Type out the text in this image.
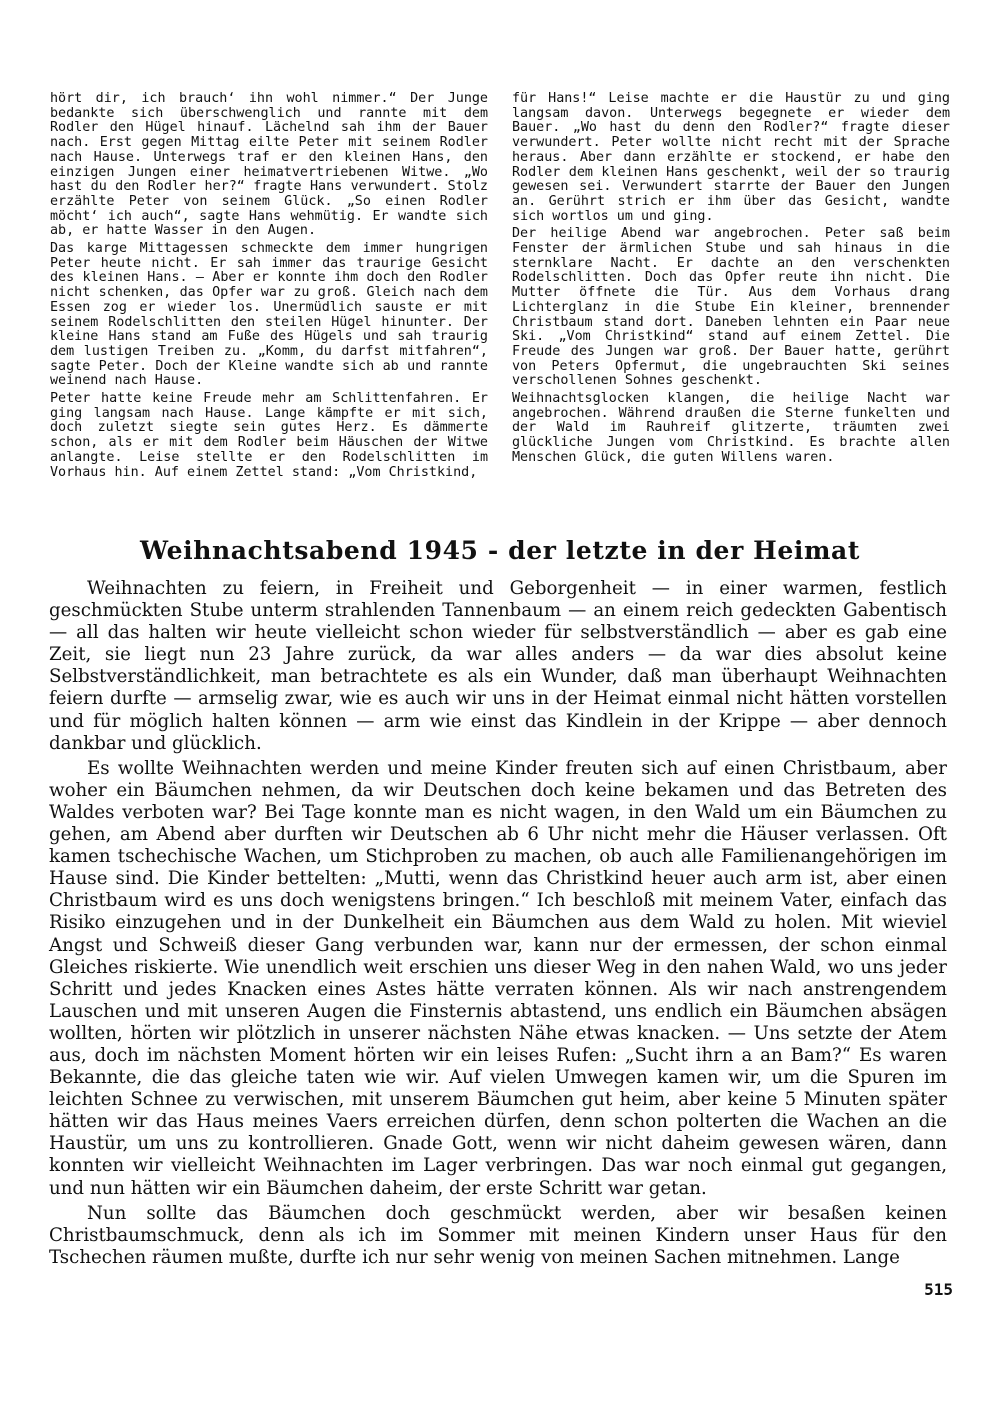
hört dir, ich brauch‘ ihn wohl nimmer.“ Der Junge bedankte sich überschwenglich und rannte mit dem Rodler den Hügel hinauf. Lächelnd sah ihm der Bauer nach. Erst gegen Mittag eilte Peter mit seinem Rodler nach Hause. Unterwegs traf er den kleinen Hans, den einzigen Jungen einer heimatvertriebenen Witwe. „Wo hast du den Rodler her?“ fragte Hans verwundert. Stolz erzählte Peter von seinem Glück. „So einen Rodler möcht‘ ich auch“, sagte Hans wehmütig. Er wandte sich ab, er hatte Wasser in den Augen.

Das karge Mittagessen schmeckte dem immer hungrigen Peter heute nicht. Er sah immer das traurige Gesicht des kleinen Hans. — Aber er konnte ihm doch den Rodler nicht schenken, das Opfer war zu groß. Gleich nach dem Essen zog er wieder los. Unermüdlich sauste er mit seinem Rodelschlitten den steilen Hügel hinunter. Der kleine Hans stand am Fuße des Hügels und sah traurig dem lustigen Treiben zu. „Komm, du darfst mitfahren“, sagte Peter. Doch der Kleine wandte sich ab und rannte weinend nach Hause.

Peter hatte keine Freude mehr am Schlittenfahren. Er ging langsam nach Hause. Lange kämpfte er mit sich, doch zuletzt siegte sein gutes Herz. Es dämmerte schon, als er mit dem Rodler beim Häuschen der Witwe anlangte. Leise stellte er den Rodelschlitten im Vorhaus hin. Auf einem Zettel stand: „Vom Christkind,

für Hans!“ Leise machte er die Haustür zu und ging langsam davon. Unterwegs begegnete er wieder dem Bauer. „Wo hast du denn den Rodler?“ fragte dieser verwundert. Peter wollte nicht recht mit der Sprache heraus. Aber dann erzählte er stockend, er habe den Rodler dem kleinen Hans geschenkt, weil der so traurig gewesen sei. Verwundert starrte der Bauer den Jungen an. Gerührt strich er ihm über das Gesicht, wandte sich wortlos um und ging.

Der heilige Abend war angebrochen. Peter saß beim Fenster der ärmlichen Stube und sah hinaus in die sternklare Nacht. Er dachte an den verschenkten Rodelschlitten. Doch das Opfer reute ihn nicht. Die Mutter öffnete die Tür. Aus dem Vorhaus drang Lichterglanz in die Stube Ein kleiner, brennender Christbaum stand dort. Daneben lehnten ein Paar neue Ski. „Vom Christkind“ stand auf einem Zettel. Die Freude des Jungen war groß. Der Bauer hatte, gerührt von Peters Opfermut, die ungebrauchten Ski seines verschollenen Sohnes geschenkt.

Weihnachtsglocken klangen, die heilige Nacht war angebrochen. Während draußen die Sterne funkelten und der Wald im Rauhreif glitzerte, träumten zwei glückliche Jungen vom Christkind. Es brachte allen Menschen Glück, die guten Willens waren.

Weihnachtsabend 1945 - der letzte in der Heimat

Weihnachten zu feiern, in Freiheit und Geborgenheit — in einer warmen, festlich geschmückten Stube unterm strahlenden Tannenbaum — an einem reich gedeckten Gabentisch — all das halten wir heute vielleicht schon wieder für selbstverständlich — aber es gab eine Zeit, sie liegt nun 23 Jahre zurück, da war alles anders — da war dies absolut keine Selbstverständlichkeit, man betrachtete es als ein Wunder, daß man überhaupt Weihnachten feiern durfte — armselig zwar, wie es auch wir uns in der Heimat einmal nicht hätten vorstellen und für möglich halten können — arm wie einst das Kindlein in der Krippe — aber dennoch dankbar und glücklich.

Es wollte Weihnachten werden und meine Kinder freuten sich auf einen Christbaum, aber woher ein Bäumchen nehmen, da wir Deutschen doch keine bekamen und das Betreten des Waldes verboten war? Bei Tage konnte man es nicht wagen, in den Wald um ein Bäumchen zu gehen, am Abend aber durften wir Deutschen ab 6 Uhr nicht mehr die Häuser verlassen. Oft kamen tschechische Wachen, um Stichproben zu machen, ob auch alle Familienangehörigen im Hause sind. Die Kinder bettelten: „Mutti, wenn das Christkind heuer auch arm ist, aber einen Christbaum wird es uns doch wenigstens bringen.“ Ich beschloß mit meinem Vater, einfach das Risiko einzugehen und in der Dunkelheit ein Bäumchen aus dem Wald zu holen. Mit wieviel Angst und Schweiß dieser Gang verbunden war, kann nur der ermessen, der schon einmal Gleiches riskierte. Wie unendlich weit erschien uns dieser Weg in den nahen Wald, wo uns jeder Schritt und jedes Knacken eines Astes hätte verraten können. Als wir nach anstrengendem Lauschen und mit unseren Augen die Finsternis abtastend, uns endlich ein Bäumchen absägen wollten, hörten wir plötzlich in unserer nächsten Nähe etwas knacken. — Uns setzte der Atem aus, doch im nächsten Moment hörten wir ein leises Rufen: „Sucht ihrn a an Bam?“ Es waren Bekannte, die das gleiche taten wie wir. Auf vielen Umwegen kamen wir, um die Spuren im leichten Schnee zu verwischen, mit unserem Bäumchen gut heim, aber keine 5 Minuten später hätten wir das Haus meines Vaers erreichen dürfen, denn schon polterten die Wachen an die Haustür, um uns zu kontrollieren. Gnade Gott, wenn wir nicht daheim gewesen wären, dann konnten wir vielleicht Weihnachten im Lager verbringen. Das war noch einmal gut gegangen, und nun hätten wir ein Bäumchen daheim, der erste Schritt war getan.

Nun sollte das Bäumchen doch geschmückt werden, aber wir besaßen keinen Christbaumschmuck, denn als ich im Sommer mit meinen Kindern unser Haus für den Tschechen räumen mußte, durfte ich nur sehr wenig von meinen Sachen mitnehmen. Lange

515
